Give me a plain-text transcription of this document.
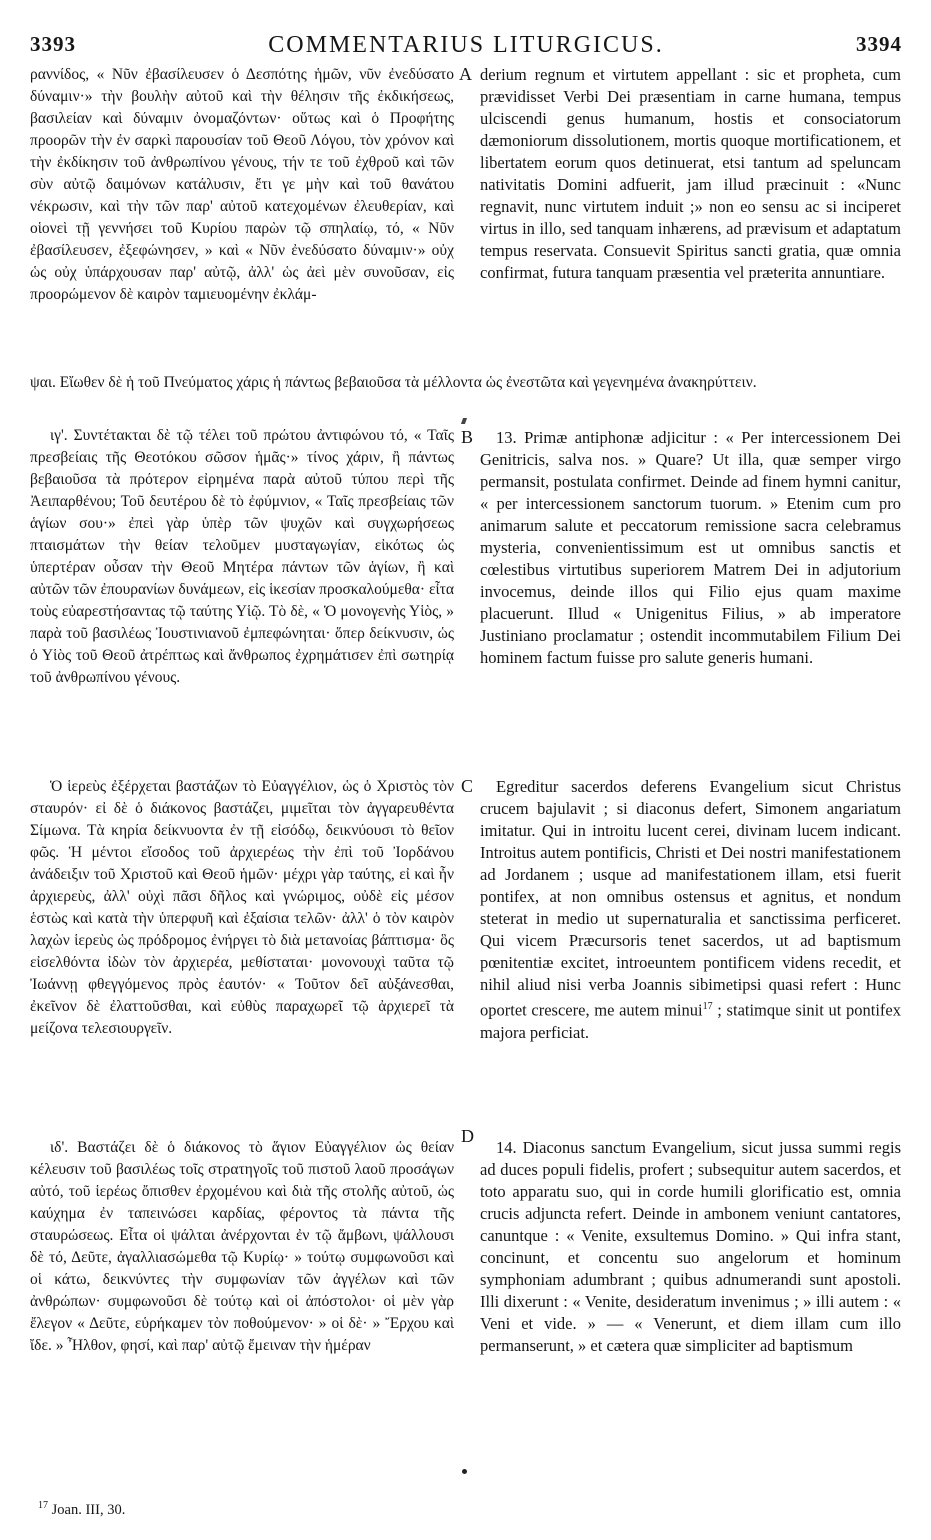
3393	COMMENTARIUS LITURGICUS.	3394

ραννίδος, « Νῦν ἐβασίλευσεν ὁ Δεσπότης ἡμῶν, νῦν ἐνεδύσατο δύναμιν·» τὴν βουλὴν αὐτοῦ καὶ τὴν θέλησιν τῆς ἐκδικήσεως, βασιλείαν καὶ δύναμιν ὀνομαζόντων· οὕτως καὶ ὁ Προφήτης προορῶν τὴν ἐν σαρκὶ παρουσίαν τοῦ Θεοῦ Λόγου, τὸν χρόνον καὶ τὴν ἐκδίκησιν τοῦ ἀνθρωπίνου γένους, τήν τε τοῦ ἐχθροῦ καὶ τῶν σὺν αὐτῷ δαιμόνων κατάλυσιν, ἔτι γε μὴν καὶ τοῦ θανάτου νέκρωσιν, καὶ τὴν τῶν παρ' αὐτοῦ κατεχομένων ἐλευθερίαν, καὶ οἱονεὶ τῇ γεννήσει τοῦ Κυρίου παρὼν τῷ σπηλαίῳ, τό, « Νῦν ἐβασίλευσεν, ἐξεφώνησεν, » καὶ « Νῦν ἐνεδύσατο δύναμιν·» οὐχ ὡς οὐχ ὑπάρχουσαν παρ' αὐτῷ, ἀλλ' ὡς ἀεὶ μὲν συνοῦσαν, εἰς προορώμενον δὲ καιρὸν ταμιευομένην ἐκλάμ-

A derium regnum et virtutem appellant : sic et propheta, cum prævidisset Verbi Dei præsentiam in carne humana, tempus ulciscendi genus humanum, hostis et consociatorum dæmoniorum dissolutionem, mortis quoque mortificationem, et libertatem eorum quos detinuerat, etsi tantum ad speluncam nativitatis Domini adfuerit, jam illud præcinuit : «Nunc regnavit, nunc virtutem induit ;» non eo sensu ac si inciperet virtus in illo, sed tanquam inhærens, ad prævisum et adaptatum tempus reservata. Consuevit Spiritus sancti gratia, quæ omnia confirmat, futura tanquam præsentia vel præterita annuntiare.

ψαι. Εἴωθεν δὲ ἡ τοῦ Πνεύματος χάρις ἡ πάντως βεβαιοῦσα τὰ μέλλοντα ὡς ἐνεστῶτα καὶ γεγενημένα ἀνακηρύττειν.

ιγ'. Συντέτακται δὲ τῷ τέλει τοῦ πρώτου ἀντιφώνου τό, « Ταῖς πρεσβείαις τῆς Θεοτόκου σῶσον ἡμᾶς·» τίνος χάριν, ἢ πάντως βεβαιοῦσα τὰ πρότερον εἰρημένα παρὰ αὐτοῦ τύπου περὶ τῆς Ἀειπαρθένου; Τοῦ δευτέρου δὲ τὸ ἐφύμνιον, « Ταῖς πρεσβείαις τῶν ἁγίων σου·» ἐπεὶ γὰρ ὑπὲρ τῶν ψυχῶν καὶ συγχωρήσεως πταισμάτων τὴν θείαν τελοῦμεν μυσταγωγίαν, εἰκότως ὡς ὑπερτέραν οὖσαν τὴν Θεοῦ Μητέρα πάντων τῶν ἁγίων, ἢ καὶ αὐτῶν τῶν ἐπουρανίων δυνάμεων, εἰς ἱκεσίαν προσκαλούμεθα· εἶτα τοὺς εὐαρεστήσαντας τῷ ταύτης Υἱῷ. Τὸ δὲ, « Ὁ μονογενὴς Υἱὸς, » παρὰ τοῦ βασιλέως Ἰουστινιανοῦ ἐμπεφώνηται· ὅπερ δείκνυσιν, ὡς ὁ Υἱὸς τοῦ Θεοῦ ἀτρέπτως καὶ ἄνθρωπος ἐχρημάτισεν ἐπὶ σωτηρίᾳ τοῦ ἀνθρωπίνου γένους.

B	13. Primæ antiphonæ adjicitur : « Per intercessionem Dei Genitricis, salva nos. » Quare? Ut illa, quæ semper virgo permansit, postulata confirmet. Deinde ad finem hymni canitur, « per intercessionem sanctorum tuorum. » Etenim cum pro animarum salute et peccatorum remissione sacra celebramus mysteria, convenientissimum est ut omnibus sanctis et cœlestibus virtutibus superiorem Matrem Dei in adjutorium invocemus, deinde illos qui Filio ejus quam maxime placuerunt. Illud « Unigenitus Filius, » ab imperatore Justiniano proclamatur ; ostendit incommutabilem Filium Dei hominem factum fuisse pro salute generis humani.

Ὁ ἱερεὺς ἐξέρχεται βαστάζων τὸ Εὐαγγέλιον, ὡς ὁ Χριστὸς τὸν σταυρόν· εἰ δὲ ὁ διάκονος βαστάζει, μιμεῖται τὸν ἀγγαρευθέντα Σίμωνα. Τὰ κηρία δείκνυοντα ἐν τῇ εἰσόδῳ, δεικνύουσι τὸ θεῖον φῶς. Ἡ μέντοι εἴσοδος τοῦ ἀρχιερέως τὴν ἐπὶ τοῦ Ἰορδάνου ἀνάδειξιν τοῦ Χριστοῦ καὶ Θεοῦ ἡμῶν· μέχρι γὰρ ταύτης, εἰ καὶ ἦν ἀρχιερεὺς, ἀλλ' οὐχὶ πᾶσι δῆλος καὶ γνώριμος, οὐδὲ εἰς μέσον ἑστὼς καὶ κατὰ τὴν ὑπερφυῆ καὶ ἐξαίσια τελῶν· ἀλλ' ὁ τὸν καιρὸν λαχὼν ἱερεὺς ὡς πρόδρομος ἐνήργει τὸ διὰ μετανοίας βάπτισμα· ὃς εἰσελθόντα ἰδὼν τὸν ἀρχιερέα, μεθίσταται· μονονουχὶ ταῦτα τῷ Ἰωάννῃ φθεγγόμενος πρὸς ἑαυτόν· « Τοῦτον δεῖ αὐξάνεσθαι, ἐκεῖνον δὲ ἐλαττοῦσθαι, καὶ εὐθὺς παραχωρεῖ τῷ ἀρχιερεῖ τὰ μείζονα τελεσιουργεῖν.

C	Egreditur sacerdos deferens Evangelium sicut Christus crucem bajulavit ; si diaconus defert, Simonem angariatum imitatur. Qui in introitu lucent cerei, divinam lucem indicant. Introitus autem pontificis, Christi et Dei nostri manifestationem ad Jordanem ; usque ad manifestationem illam, etsi fuerit pontifex, at non omnibus ostensus et agnitus, et nondum steterat in medio ut supernaturalia et sanctissima perficeret. Qui vicem Præcursoris tenet sacerdos, ut ad baptismum pœnitentiæ excitet, introeuntem pontificem videns recedit, et nihil aliud nisi verba Joannis sibimetipsi quasi refert : Hunc oportet crescere, me autem minui$^{17}$ ; statimque sinit ut pontifex majora perficiat.

ιδ'. Βαστάζει δὲ ὁ διάκονος τὸ ἅγιον Εὐαγγέλιον ὡς θείαν κέλευσιν τοῦ βασιλέως τοῖς στρατηγοῖς τοῦ πιστοῦ λαοῦ προσάγων αὐτό, τοῦ ἱερέως ὄπισθεν ἐρχομένου καὶ διὰ τῆς στολῆς αὐτοῦ, ὡς καύχημα ἐν ταπεινώσει καρδίας, φέροντος τὰ πάντα τῆς σταυρώσεως. Εἶτα οἱ ψάλται ἀνέρχονται ἐν τῷ ἄμβωνι, ψάλλουσι δὲ τό, Δεῦτε, ἀγαλλιασώμεθα τῷ Κυρίῳ· » τούτῳ συμφωνοῦσι καὶ οἱ κάτω, δεικνύντες τὴν συμφωνίαν τῶν ἀγγέλων καὶ τῶν ἀνθρώπων· συμφωνοῦσι δὲ τούτῳ καὶ οἱ ἀπόστολοι· οἱ μὲν γὰρ ἔλεγον « Δεῦτε, εὑρήκαμεν τὸν ποθούμενον· » οἱ δὲ· » Ἔρχου καὶ ἴδε. » Ἦλθον, φησί, καὶ παρ' αὐτῷ ἔμειναν τὴν ἡμέραν

D

14. Diaconus sanctum Evangelium, sicut jussa summi regis ad duces populi fidelis, profert ; subsequitur autem sacerdos, et toto apparatu suo, qui in corde humili glorificatio est, omnia crucis adjuncta refert. Deinde in ambonem veniunt cantatores, canuntque : « Venite, exsultemus Domino. » Qui infra stant, concinunt, et concentu suo angelorum et hominum symphoniam adumbrant ; quibus adnumerandi sunt apostoli. Illi dixerunt : « Venite, desideratum invenimus ; » illi autem : « Veni et vide. » — « Venerunt, et diem illam cum illo permanserunt, » et cætera quæ simpliciter ad baptismum

$^{17}$ Joan. III, 30.
